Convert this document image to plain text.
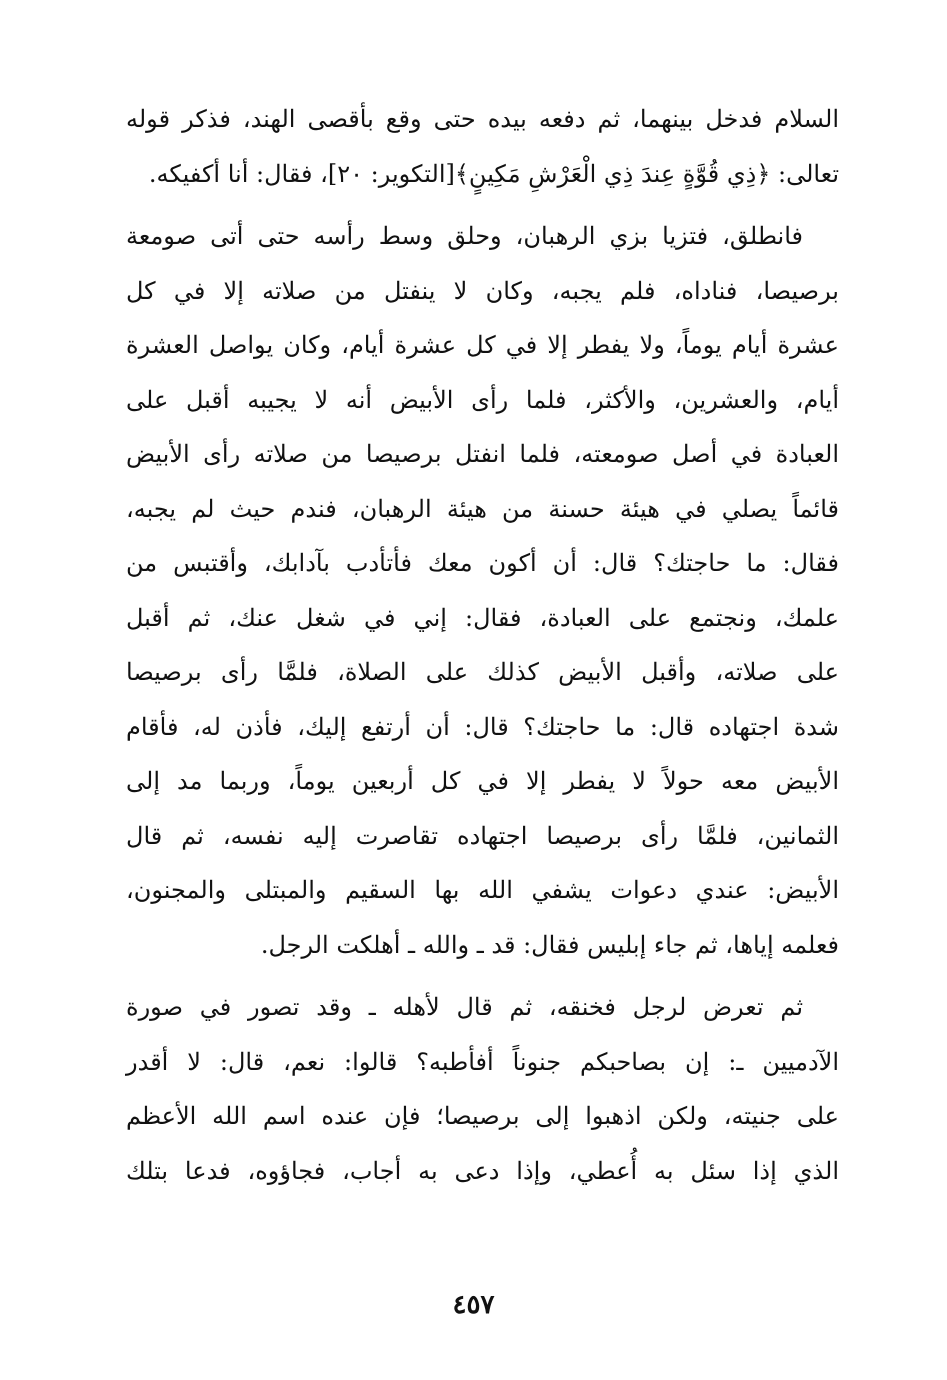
السلام فدخل بينهما، ثم دفعه بيده حتى وقع بأقصى الهند، فذكر قوله
تعالى: ﴿ذِي قُوَّةٍ عِندَ ذِي الْعَرْشِ مَكِينٍ﴾[التكوير: ٢٠]، فقال: أنا أكفيكه.
فانطلق، فتزيا بزي الرهبان، وحلق وسط رأسه حتى أتى صومعة
برصيصا، فناداه، فلم يجبه، وكان لا ينفتل من صلاته إلا في كل
عشرة أيام يوماً، ولا يفطر إلا في كل عشرة أيام، وكان يواصل العشرة
أيام، والعشرين، والأكثر، فلما رأى الأبيض أنه لا يجيبه أقبل على
العبادة في أصل صومعته، فلما انفتل برصيصا من صلاته رأى الأبيض
قائماً يصلي في هيئة حسنة من هيئة الرهبان، فندم حيث لم يجبه،
فقال: ما حاجتك؟ قال: أن أكون معك فأتأدب بآدابك، وأقتبس من
علمك، ونجتمع على العبادة، فقال: إني في شغل عنك، ثم أقبل
على صلاته، وأقبل الأبيض كذلك على الصلاة، فلمَّا رأى برصيصا
شدة اجتهاده قال: ما حاجتك؟ قال: أن أرتفع إليك، فأذن له، فأقام
الأبيض معه حولاً لا يفطر إلا في كل أربعين يوماً، وربما مد إلى
الثمانين، فلمَّا رأى برصيصا اجتهاده تقاصرت إليه نفسه، ثم قال
الأبيض: عندي دعوات يشفي الله بها السقيم والمبتلى والمجنون،
فعلمه إياها، ثم جاء إبليس فقال: قد ـ والله ـ أهلكت الرجل.
ثم تعرض لرجل فخنقه، ثم قال لأهله ـ وقد تصور في صورة
الآدميين ـ: إن بصاحبكم جنوناً أفأطبه؟ قالوا: نعم، قال: لا أقدر
على جنيته، ولكن اذهبوا إلى برصيصا؛ فإن عنده اسم الله الأعظم
الذي إذا سئل به أُعطي، وإذا دعى به أجاب، فجاؤوه، فدعا بتلك
٤٥٧
